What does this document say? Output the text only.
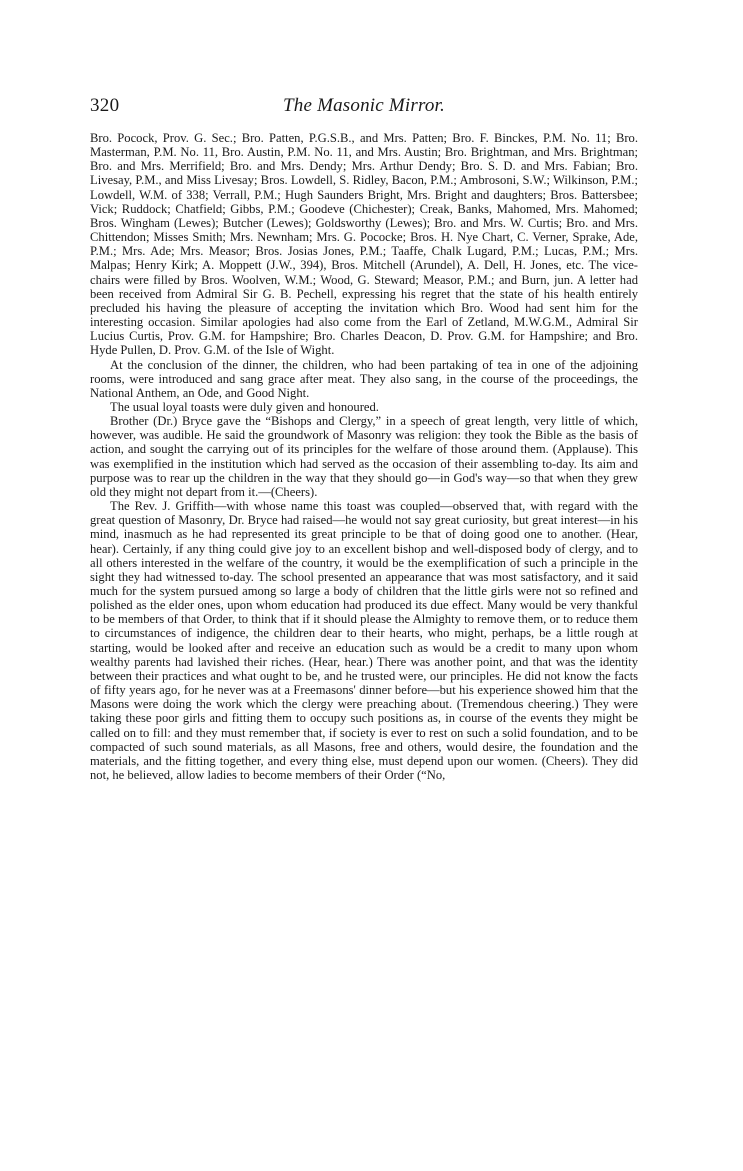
320	The Masonic Mirror.

Bro. Pocock, Prov. G. Sec.; Bro. Patten, P.G.S.B., and Mrs. Patten; Bro. F. Binckes, P.M. No. 11; Bro. Masterman, P.M. No. 11, Bro. Austin, P.M. No. 11, and Mrs. Austin; Bro. Brightman, and Mrs. Brightman; Bro. and Mrs. Merrifield; Bro. and Mrs. Dendy; Mrs. Arthur Dendy; Bro. S. D. and Mrs. Fabian; Bro. Livesay, P.M., and Miss Livesay; Bros. Lowdell, S. Ridley, Bacon, P.M.; Ambrosoni, S.W.; Wilkinson, P.M.; Lowdell, W.M. of 338; Verrall, P.M.; Hugh Saunders Bright, Mrs. Bright and daughters; Bros. Battersbee; Vick; Ruddock; Chatfield; Gibbs, P.M.; Goodeve (Chichester); Creak, Banks, Mahomed, Mrs. Mahomed; Bros. Wingham (Lewes); Butcher (Lewes); Goldsworthy (Lewes); Bro. and Mrs. W. Curtis; Bro. and Mrs. Chittendon; Misses Smith; Mrs. Newnham; Mrs. G. Pococke; Bros. H. Nye Chart, C. Verner, Sprake, Ade, P.M.; Mrs. Ade; Mrs. Measor; Bros. Josias Jones, P.M.; Taaffe, Chalk Lugard, P.M.; Lucas, P.M.; Mrs. Malpas; Henry Kirk; A. Moppett (J.W., 394), Bros. Mitchell (Arundel), A. Dell, H. Jones, etc. The vice-chairs were filled by Bros. Woolven, W.M.; Wood, G. Steward; Measor, P.M.; and Burn, jun. A letter had been received from Admiral Sir G. B. Pechell, expressing his regret that the state of his health entirely precluded his having the pleasure of accepting the invitation which Bro. Wood had sent him for the interesting occasion. Similar apologies had also come from the Earl of Zetland, M.W.G.M., Admiral Sir Lucius Curtis, Prov. G.M. for Hampshire; Bro. Charles Deacon, D. Prov. G.M. for Hampshire; and Bro. Hyde Pullen, D. Prov. G.M. of the Isle of Wight.

At the conclusion of the dinner, the children, who had been partaking of tea in one of the adjoining rooms, were introduced and sang grace after meat. They also sang, in the course of the proceedings, the National Anthem, an Ode, and Good Night.

The usual loyal toasts were duly given and honoured.

Brother (Dr.) Bryce gave the “Bishops and Clergy,” in a speech of great length, very little of which, however, was audible. He said the groundwork of Masonry was religion: they took the Bible as the basis of action, and sought the carrying out of its principles for the welfare of those around them. (Applause). This was exemplified in the institution which had served as the occasion of their assembling to-day. Its aim and purpose was to rear up the children in the way that they should go—in God's way—so that when they grew old they might not depart from it.—(Cheers).

The Rev. J. Griffith—with whose name this toast was coupled—observed that, with regard with the great question of Masonry, Dr. Bryce had raised—he would not say great curiosity, but great interest—in his mind, inasmuch as he had represented its great principle to be that of doing good one to another. (Hear, hear). Certainly, if any thing could give joy to an excellent bishop and well-disposed body of clergy, and to all others interested in the welfare of the country, it would be the exemplification of such a principle in the sight they had witnessed to-day. The school presented an appearance that was most satisfactory, and it said much for the system pursued among so large a body of children that the little girls were not so refined and polished as the elder ones, upon whom education had produced its due effect. Many would be very thankful to be members of that Order, to think that if it should please the Almighty to remove them, or to reduce them to circumstances of indigence, the children dear to their hearts, who might, perhaps, be a little rough at starting, would be looked after and receive an education such as would be a credit to many upon whom wealthy parents had lavished their riches. (Hear, hear.) There was another point, and that was the identity between their practices and what ought to be, and he trusted were, our principles. He did not know the facts of fifty years ago, for he never was at a Freemasons' dinner before—but his experience showed him that the Masons were doing the work which the clergy were preaching about. (Tremendous cheering.) They were taking these poor girls and fitting them to occupy such positions as, in course of the events they might be called on to fill: and they must remember that, if society is ever to rest on such a solid foundation, and to be compacted of such sound materials, as all Masons, free and others, would desire, the foundation and the materials, and the fitting together, and every thing else, must depend upon our women. (Cheers). They did not, he believed, allow ladies to become members of their Order (“No,
